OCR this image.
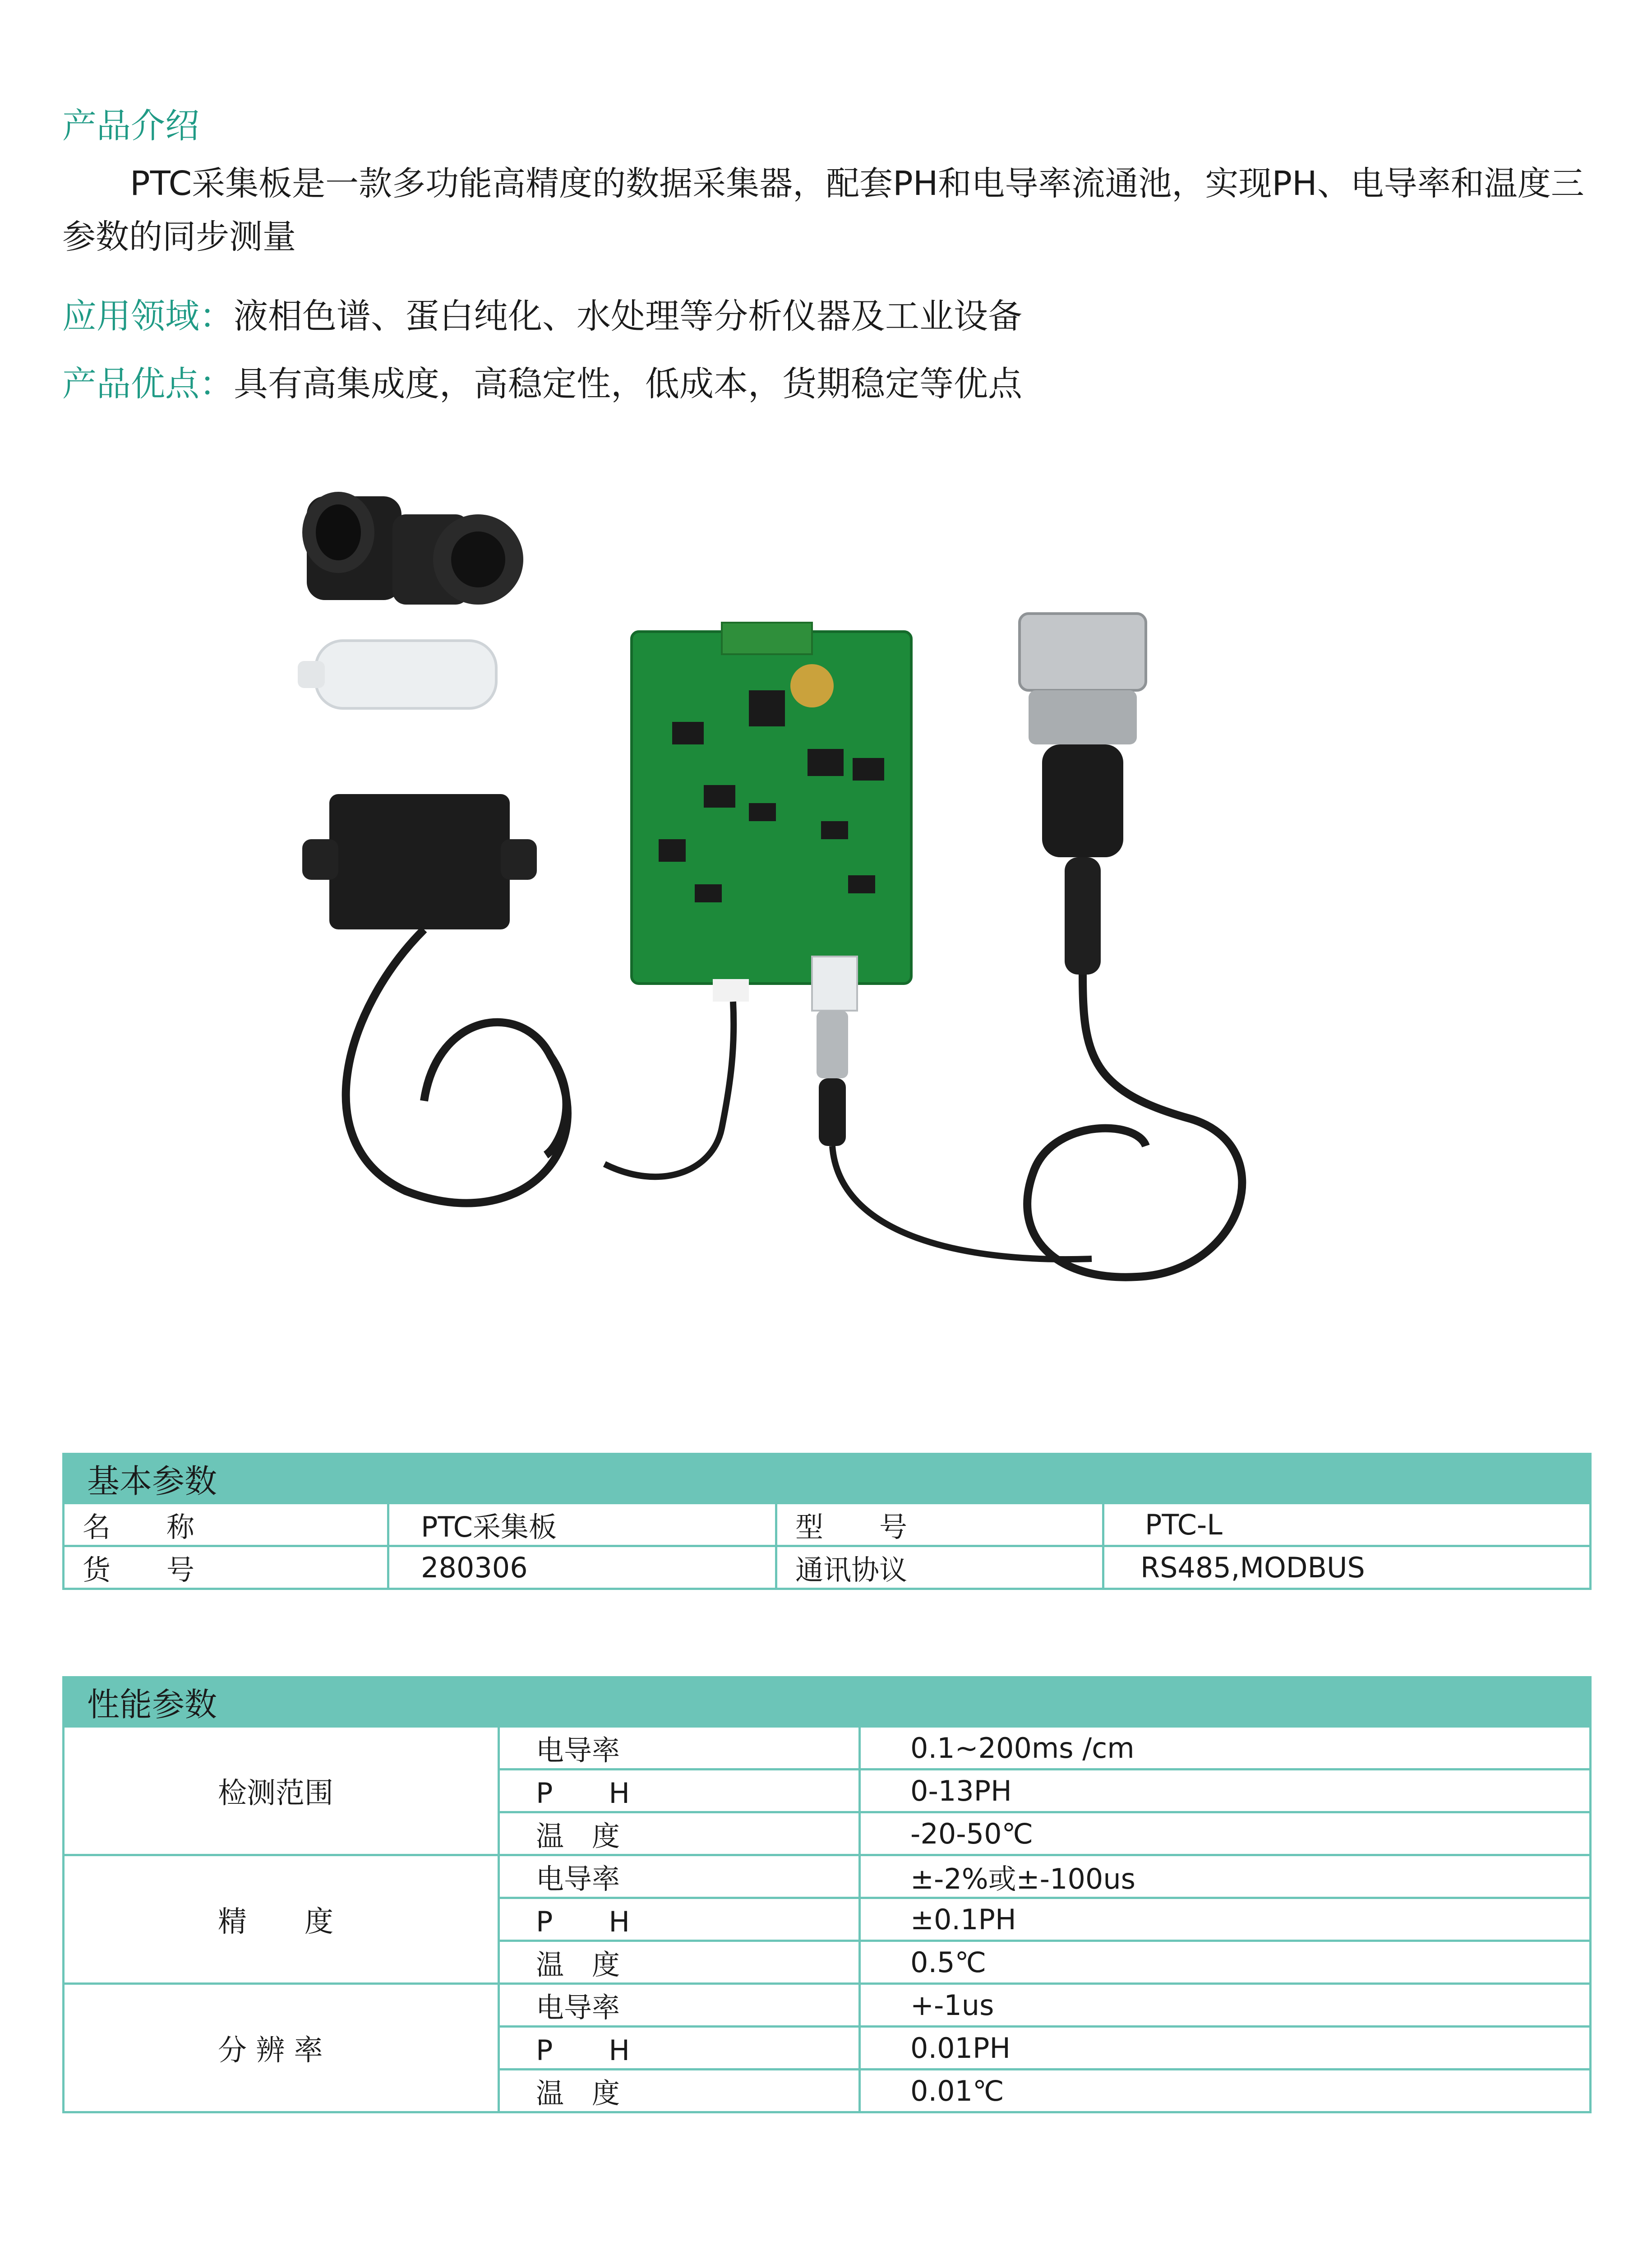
产品介绍
PTC采集板是一款多功能高精度的数据采集器，配套PH和电导率流通池，实现PH、电导率和温度三参数的同步测量
应用领域：液相色谱、蛋白纯化、水处理等分析仪器及工业设备
产品优点：具有高集成度，高稳定性，低成本，货期稳定等优点
基本参数			
名　　称	PTC采集板	型　　号	PTC-L
货　　号	280306	通讯协议	RS485,MODBUS
性能参数		
检测范围	电导率	0.1~200ms /cm
	P　　H	0-13PH
	温　度	-20-50℃
精　　度	电导率	±-2%或±-100us
	P　　H	±0.1PH
	温　度	0.5℃
分 辨 率	电导率	+-1us
	P　　H	0.01PH
	温　度	0.01℃
